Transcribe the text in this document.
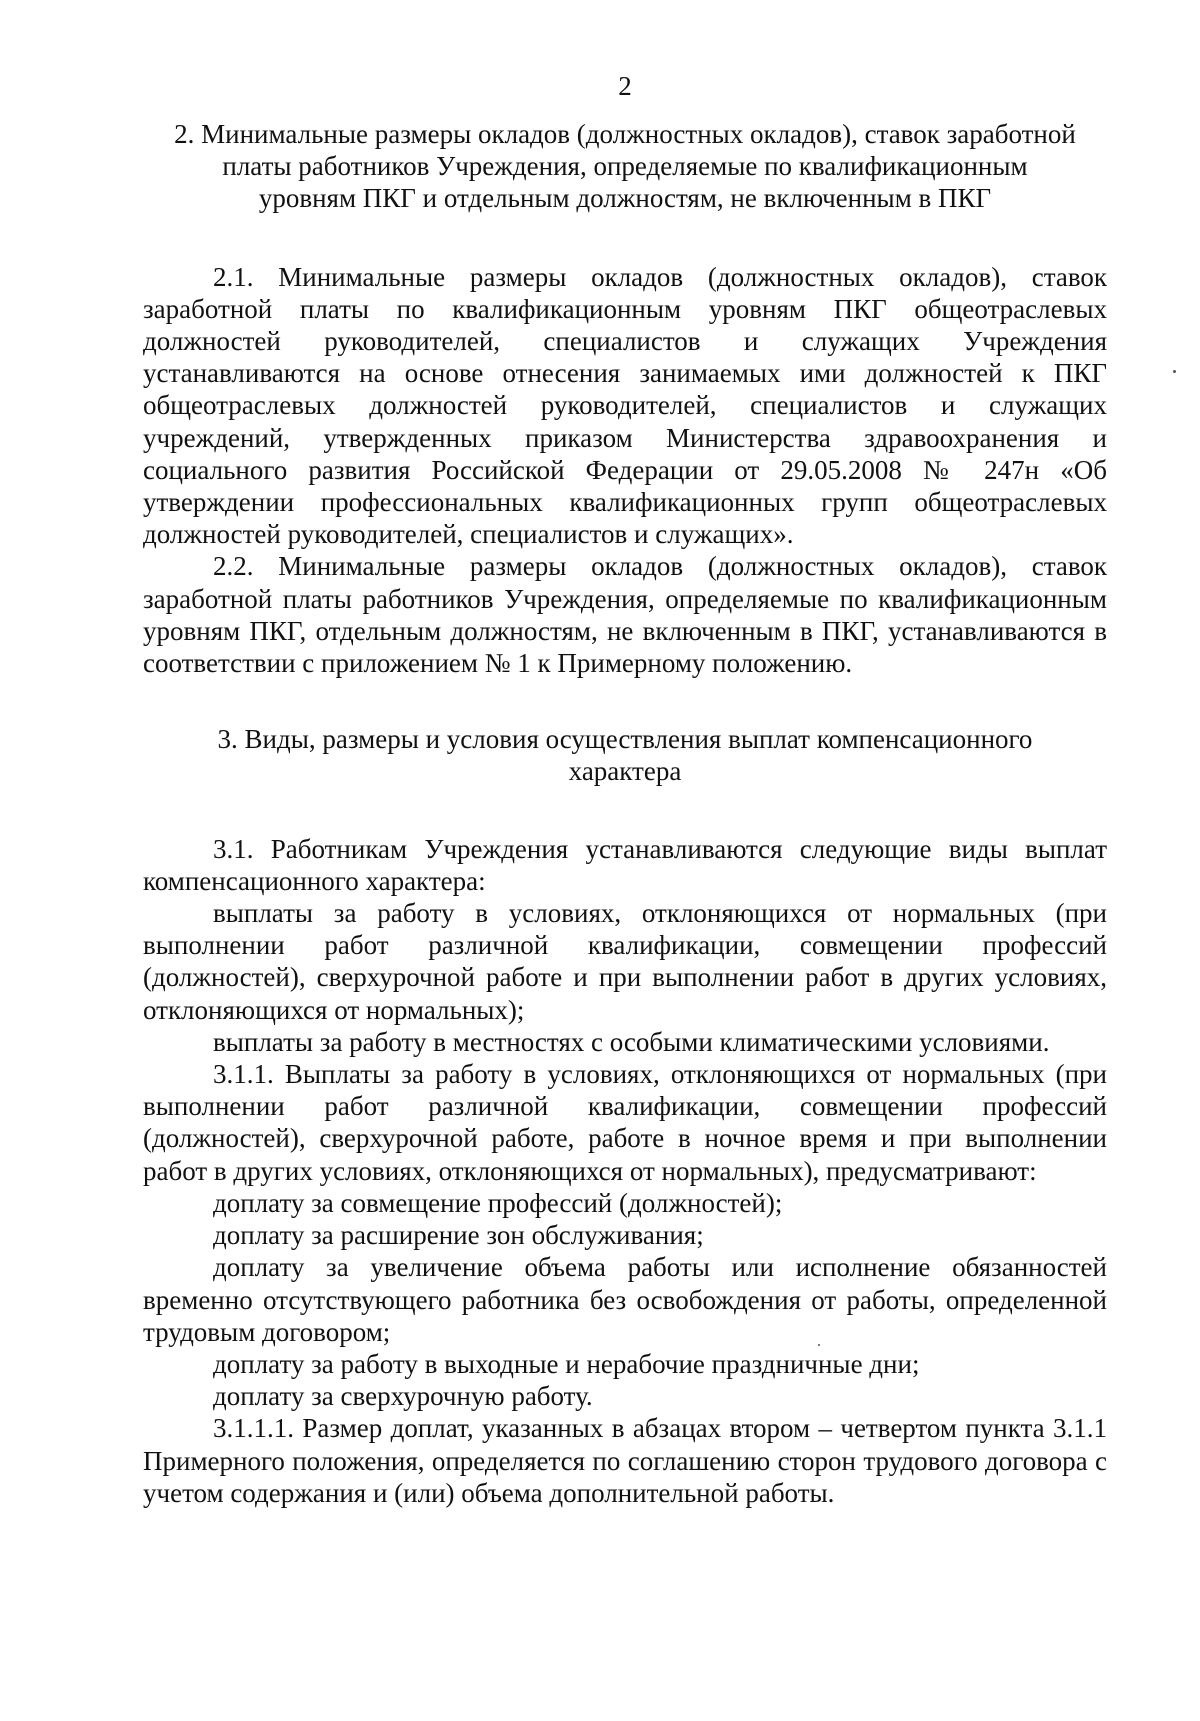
2
2. Минимальные размеры окладов (должностных окладов), ставок заработной платы работников Учреждения, определяемые по квалификационным уровням ПКГ и отдельным должностям, не включенным в ПКГ

2.1. Минимальные размеры окладов (должностных окладов), ставок заработной платы по квалификационным уровням ПКГ общеотраслевых должностей руководителей, специалистов и служащих Учреждения устанавливаются на основе отнесения занимаемых ими должностей к ПКГ общеотраслевых должностей руководителей, специалистов и служащих учреждений, утвержденных приказом Министерства здравоохранения и социального развития Российской Федерации от 29.05.2008 № 247н «Об утверждении профессиональных квалификационных групп общеотраслевых должностей руководителей, специалистов и служащих».

2.2. Минимальные размеры окладов (должностных окладов), ставок заработной платы работников Учреждения, определяемые по квалификационным уровням ПКГ, отдельным должностям, не включенным в ПКГ, устанавливаются в соответствии с приложением № 1 к Примерному положению.

3. Виды, размеры и условия осуществления выплат компенсационного характера

3.1. Работникам Учреждения устанавливаются следующие виды выплат компенсационного характера:

выплаты за работу в условиях, отклоняющихся от нормальных (при выполнении работ различной квалификации, совмещении профессий (должностей), сверхурочной работе и при выполнении работ в других условиях, отклоняющихся от нормальных);

выплаты за работу в местностях с особыми климатическими условиями.

3.1.1. Выплаты за работу в условиях, отклоняющихся от нормальных (при выполнении работ различной квалификации, совмещении профессий (должностей), сверхурочной работе, работе в ночное время и при выполнении работ в других условиях, отклоняющихся от нормальных), предусматривают:

доплату за совмещение профессий (должностей);

доплату за расширение зон обслуживания;

доплату за увеличение объема работы или исполнение обязанностей временно отсутствующего работника без освобождения от работы, определенной трудовым договором;

доплату за работу в выходные и нерабочие праздничные дни;

доплату за сверхурочную работу.

3.1.1.1. Размер доплат, указанных в абзацах втором – четвертом пункта 3.1.1 Примерного положения, определяется по соглашению сторон трудового договора с учетом содержания и (или) объема дополнительной работы.
